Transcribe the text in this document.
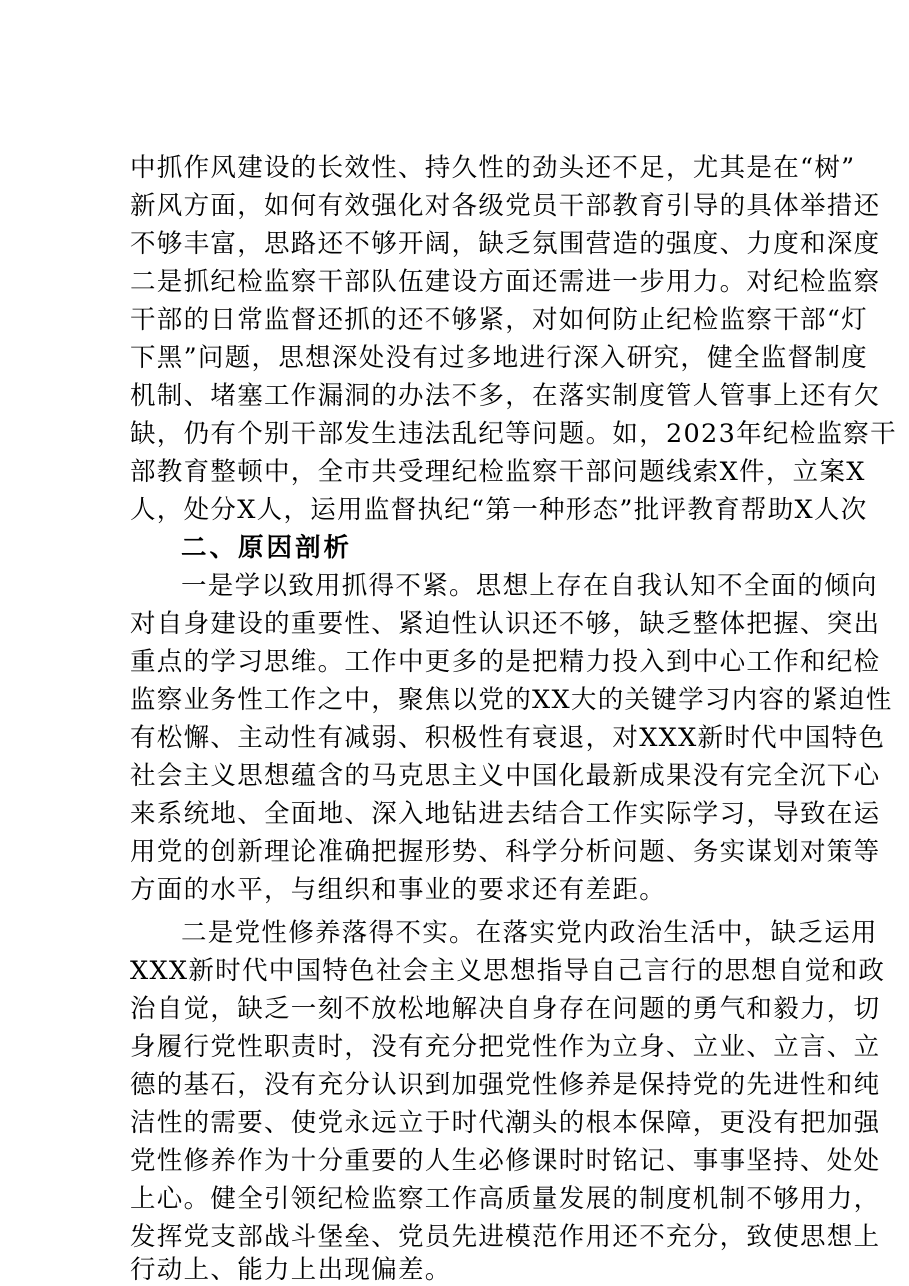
中抓作风建设的长效性、持久性的劲头还不足，尤其是在“树”
新风方面，如何有效强化对各级党员干部教育引导的具体举措还
不够丰富，思路还不够开阔，缺乏氛围营造的强度、力度和深度
二是抓纪检监察干部队伍建设方面还需进一步用力。对纪检监察
干部的日常监督还抓的还不够紧，对如何防止纪检监察干部“灯
下黑”问题，思想深处没有过多地进行深入研究，健全监督制度
机制、堵塞工作漏洞的办法不多，在落实制度管人管事上还有欠
缺，仍有个别干部发生违法乱纪等问题。如，2023年纪检监察干
部教育整顿中，全市共受理纪检监察干部问题线索X件，立案X
人，处分X人，运用监督执纪“第一种形态”批评教育帮助X人次
二、原因剖析
一是学以致用抓得不紧。思想上存在自我认知不全面的倾向
对自身建设的重要性、紧迫性认识还不够，缺乏整体把握、突出
重点的学习思维。工作中更多的是把精力投入到中心工作和纪检
监察业务性工作之中，聚焦以党的XX大的关键学习内容的紧迫性
有松懈、主动性有减弱、积极性有衰退，对XXX新时代中国特色
社会主义思想蕴含的马克思主义中国化最新成果没有完全沉下心
来系统地、全面地、深入地钻进去结合工作实际学习，导致在运
用党的创新理论准确把握形势、科学分析问题、务实谋划对策等
方面的水平，与组织和事业的要求还有差距。
二是党性修养落得不实。在落实党内政治生活中，缺乏运用
XXX新时代中国特色社会主义思想指导自己言行的思想自觉和政
治自觉，缺乏一刻不放松地解决自身存在问题的勇气和毅力，切
身履行党性职责时，没有充分把党性作为立身、立业、立言、立
德的基石，没有充分认识到加强党性修养是保持党的先进性和纯
洁性的需要、使党永远立于时代潮头的根本保障，更没有把加强
党性修养作为十分重要的人生必修课时时铭记、事事坚持、处处
上心。健全引领纪检监察工作高质量发展的制度机制不够用力，
发挥党支部战斗堡垒、党员先进模范作用还不充分，致使思想上
行动上、能力上出现偏差。
